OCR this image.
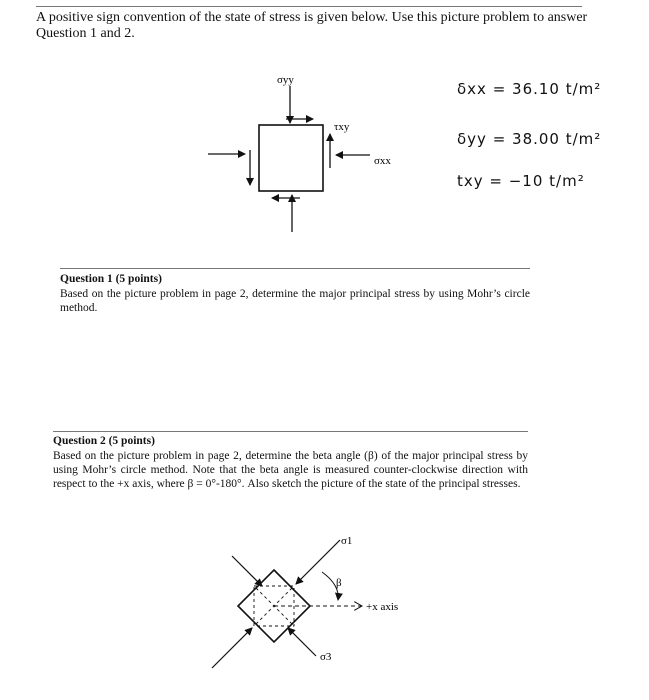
A positive sign convention of the state of stress is given below. Use this picture problem to answer Question 1 and 2.
σyy
τxy
σxx
δxx = 36.10 t/m²
δyy = 38.00 t/m²
txy = −10 t/m²
Question 1 (5 points)
Based on the picture problem in page 2, determine the major principal stress by using Mohr’s circle method.
Question 2 (5 points)
Based on the picture problem in page 2, determine the beta angle (β) of the major principal stress by using Mohr’s circle method. Note that the beta angle is measured counter-clockwise direction with respect to the +x axis, where β = 0°-180°. Also sketch the picture of the state of the principal stresses.
σ1
β
+x axis
σ3
